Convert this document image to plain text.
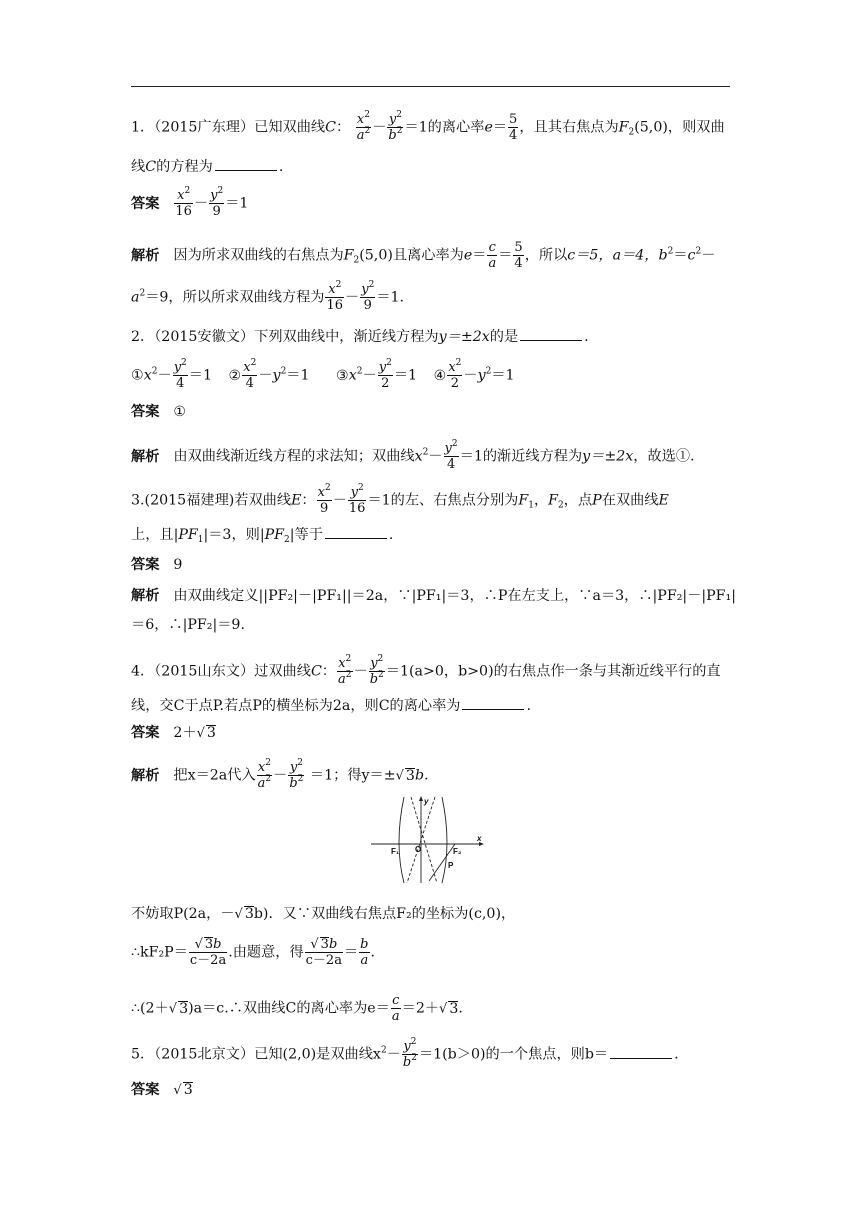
1．（2015广东理）已知双曲线C： $\frac{x^2}{a^2} - \frac{y^2}{b^2} =1$的离心率$e= \frac{5}{4}$ ，且其右焦点为$F_2(5,0)$，则双曲
线C的方程为	.
答案 $\frac{x^2}{16} - \frac{y^2}{9} =1$
解析 因为所求双曲线的右焦点为$F_2(5,0)$且离心率为$e= \frac{c}{a} = \frac{5}{4}$ ，所以c＝5，a＝4，$b^2=c^2-$
$a^2=9$，所以所求双曲线方程为 $\frac{x^2}{16} - \frac{y^2}{9} =1$.
2．（2015安徽文）下列双曲线中，渐近线方程为y＝±2x的是	.
$①x^2- \frac{y^2}{4} =1$ ② $\frac{x^2}{4} -y^2=1$ $③x^2- \frac{y^2}{2} =1$ ④ $\frac{x^2}{2} -y^2=1$
答案 ①
解析 由双曲线渐近线方程的求法知；双曲线$x^2- \frac{y^2}{4} =1$的渐近线方程为y＝±2x，故选①.
3.(2015福建理)若双曲线E： $\frac{x^2}{9} - \frac{y^2}{16} =1$的左、右焦点分别为$F_1$，$F_2$，点P在双曲线E
上，且$|PF_1|=3$，则$|PF_2|$等于	.
答案 9
解析 由双曲线定义||PF₂|－|PF₁||＝2a，∵|PF₁|＝3，∴P在左支上，∵a＝3，∴|PF₂|－|PF₁|
＝6，∴|PF₂|＝9.
4．（2015山东文）过双曲线C： $\frac{x^2}{a^2} - \frac{y^2}{b^2} =1(a>0$，b>0)的右焦点作一条与其渐近线平行的直
线，交C于点P.若点P的横坐标为2a，则C的离心率为	.
答案 2＋√ 3
解析 把x＝2a代入 $\frac{x^2}{a^2} - \frac{y^2}{b^2} =1$；得y＝±√ 3b.
y
x
O
F₁	F₂
P
不妨取P(2a，－√ 3b)．又∵双曲线右焦点F₂的坐标为(c,0)，
∴kF₂P＝ $\frac{√ 3b}{c-2a}$ .由题意，得 $\frac{√ 3b}{c-2a} = \frac{b}{a}$ .
∴(2＋√ 3)a＝c.∴双曲线C的离心率为$e= \frac{c}{a} =2+√$ 3.
5．（2015北京文）已知(2,0)是双曲线$x^2- \frac{y^2}{b^2} =1(b>0)$的一个焦点，则b＝	.
答案 √ 3
